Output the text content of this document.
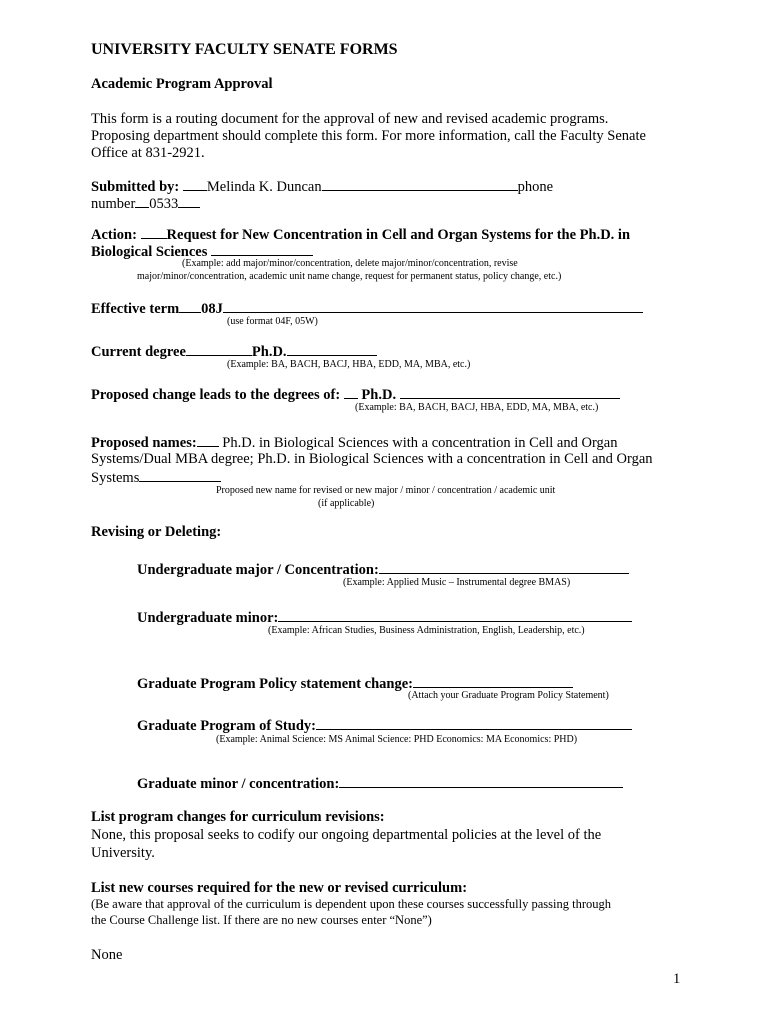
UNIVERSITY FACULTY SENATE FORMS
Academic Program Approval
This form is a routing document for the approval of new and revised academic programs.
Proposing department should complete this form. For more information, call the Faculty Senate
Office at 831-2921.
Submitted by: Melinda K. Duncan	phone
number 0533
Action: Request for New Concentration in Cell and Organ Systems for the Ph.D. in
Biological Sciences
(Example: add major/minor/concentration, delete major/minor/concentration, revise
major/minor/concentration, academic unit name change, request for permanent status, policy change, etc.)
Effective term 08J
(use format 04F, 05W)
Current degree	Ph.D.
(Example: BA, BACH, BACJ, HBA, EDD, MA, MBA, etc.)
Proposed change leads to the degrees of: Ph.D.
(Example: BA, BACH, BACJ, HBA, EDD, MA, MBA, etc.)
Proposed names: Ph.D. in Biological Sciences with a concentration in Cell and Organ
Systems/Dual MBA degree; Ph.D. in Biological Sciences with a concentration in Cell and Organ
Systems
Proposed new name for revised or new major / minor / concentration / academic unit
(if applicable)
Revising or Deleting:
Undergraduate major / Concentration:
(Example: Applied Music – Instrumental degree BMAS)
Undergraduate minor:
(Example: African Studies, Business Administration, English, Leadership, etc.)
Graduate Program Policy statement change:
(Attach your Graduate Program Policy Statement)
Graduate Program of Study:
(Example: Animal Science: MS Animal Science: PHD Economics: MA Economics: PHD)
Graduate minor / concentration:
List program changes for curriculum revisions:
None, this proposal seeks to codify our ongoing departmental policies at the level of the
University.
List new courses required for the new or revised curriculum:
(Be aware that approval of the curriculum is dependent upon these courses successfully passing through
the Course Challenge list. If there are no new courses enter “None”)
None
1
